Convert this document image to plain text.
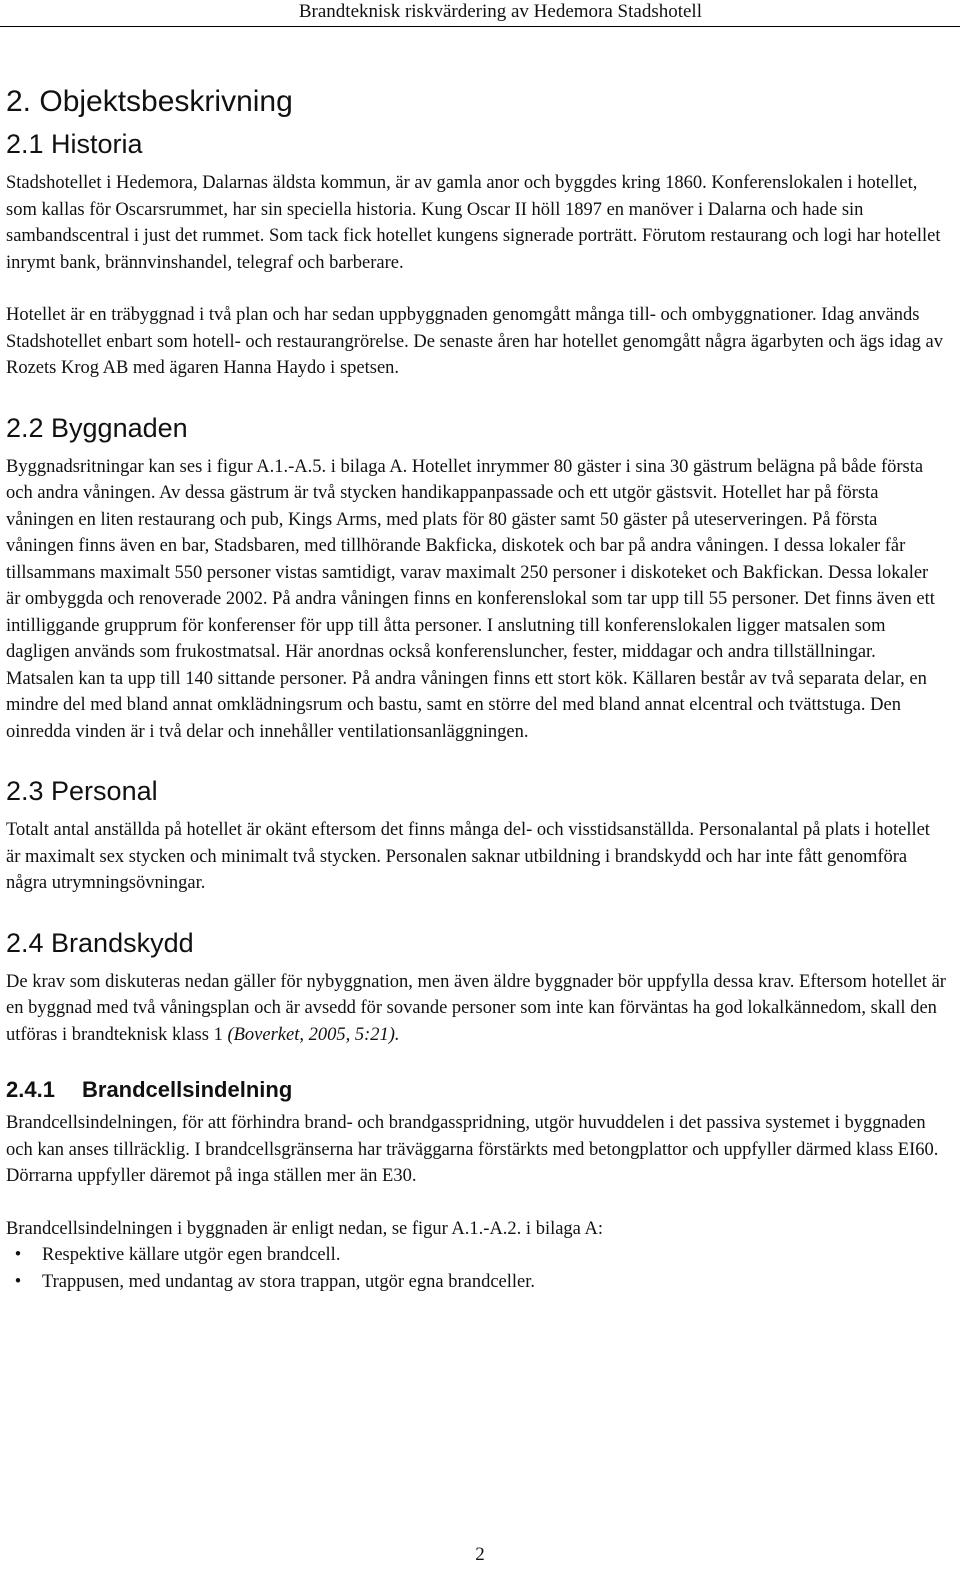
Brandteknisk riskvärdering av Hedemora Stadshotell
2. Objektsbeskrivning
2.1 Historia

Stadshotellet i Hedemora, Dalarnas äldsta kommun, är av gamla anor och byggdes kring 1860. Konferenslokalen i hotellet, som kallas för Oscarsrummet, har sin speciella historia. Kung Oscar II höll 1897 en manöver i Dalarna och hade sin sambandscentral i just det rummet. Som tack fick hotellet kungens signerade porträtt. Förutom restaurang och logi har hotellet inrymt bank, brännvinshandel, telegraf och barberare.

Hotellet är en träbyggnad i två plan och har sedan uppbyggnaden genomgått många till- och ombyggnationer. Idag används Stadshotellet enbart som hotell- och restaurangrörelse. De senaste åren har hotellet genomgått några ägarbyten och ägs idag av Rozets Krog AB med ägaren Hanna Haydo i spetsen.

2.2 Byggnaden

Byggnadsritningar kan ses i figur A.1.-A.5. i bilaga A. Hotellet inrymmer 80 gäster i sina 30 gästrum belägna på både första och andra våningen. Av dessa gästrum är två stycken handikappanpassade och ett utgör gästsvit. Hotellet har på första våningen en liten restaurang och pub, Kings Arms, med plats för 80 gäster samt 50 gäster på uteserveringen. På första våningen finns även en bar, Stadsbaren, med tillhörande Bakficka, diskotek och bar på andra våningen. I dessa lokaler får tillsammans maximalt 550 personer vistas samtidigt, varav maximalt 250 personer i diskoteket och Bakfickan. Dessa lokaler är ombyggda och renoverade 2002. På andra våningen finns en konferenslokal som tar upp till 55 personer. Det finns även ett intilliggande grupprum för konferenser för upp till åtta personer. I anslutning till konferenslokalen ligger matsalen som dagligen används som frukostmatsal. Här anordnas också konferensluncher, fester, middagar och andra tillställningar. Matsalen kan ta upp till 140 sittande personer. På andra våningen finns ett stort kök. Källaren består av två separata delar, en mindre del med bland annat omklädningsrum och bastu, samt en större del med bland annat elcentral och tvättstuga. Den oinredda vinden är i två delar och innehåller ventilationsanläggningen.

2.3 Personal

Totalt antal anställda på hotellet är okänt eftersom det finns många del- och visstidsanställda. Personalantal på plats i hotellet är maximalt sex stycken och minimalt två stycken. Personalen saknar utbildning i brandskydd och har inte fått genomföra några utrymningsövningar.

2.4 Brandskydd

De krav som diskuteras nedan gäller för nybyggnation, men även äldre byggnader bör uppfylla dessa krav. Eftersom hotellet är en byggnad med två våningsplan och är avsedd för sovande personer som inte kan förväntas ha god lokalkännedom, skall den utföras i brandteknisk klass 1 (Boverket, 2005, 5:21).

2.4.1 Brandcellsindelning

Brandcellsindelningen, för att förhindra brand- och brandgasspridning, utgör huvuddelen i det passiva systemet i byggnaden och kan anses tillräcklig. I brandcellsgränserna har träväggarna förstärkts med betongplattor och uppfyller därmed klass EI60. Dörrarna uppfyller däremot på inga ställen mer än E30.

Brandcellsindelningen i byggnaden är enligt nedan, se figur A.1.-A.2. i bilaga A:

•	Respektive källare utgör egen brandcell.
•	Trappusen, med undantag av stora trappan, utgör egna brandceller.
2
